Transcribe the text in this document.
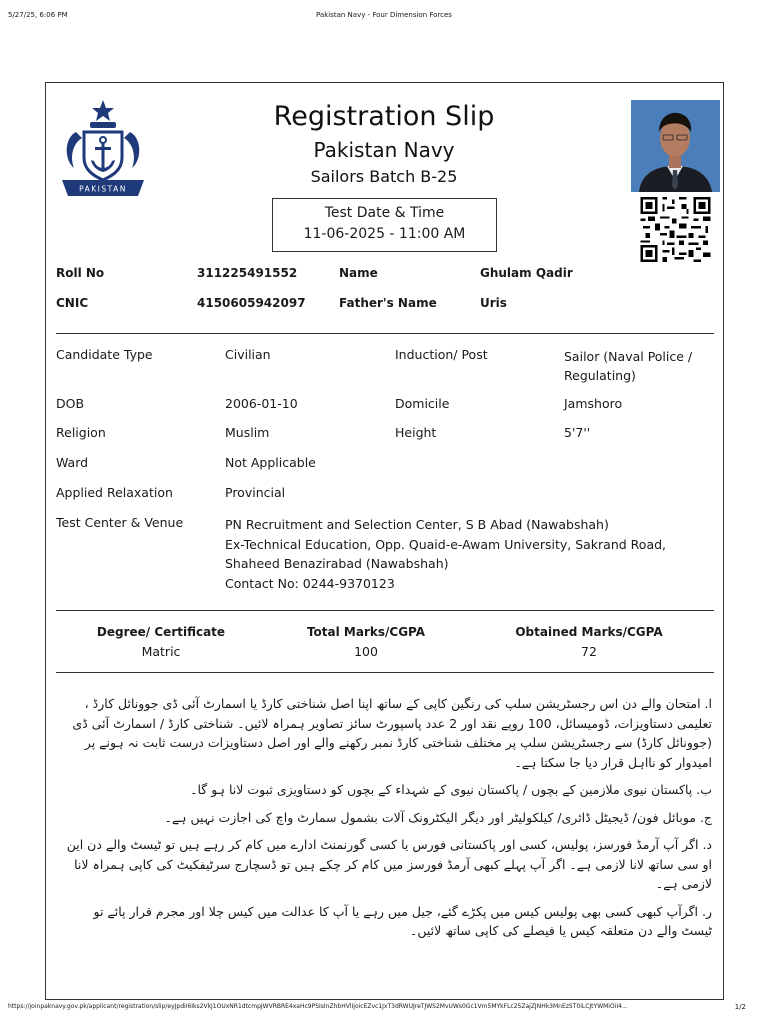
5/27/25, 6:06 PM	Pakistan Navy - Four Dimension Forces
https://joinpaknavy.gov.pk/applicant/registration/slip/eyJpdiI6Iks2VkJ1OUxNR1dtcmpJWVRBRE4xaHc9PSIsInZhbHVlIjoicEZvc1JxT3dRWUJreTJWS2MvUWs0Gc1Vm5MYkFLc25ZajZJNHk3MnEzST0iLCJtYWMiOiI4...	1/2
PAKISTAN
Registration Slip
Pakistan Navy
Sailors Batch B-25
Test Date & Time
11-06-2025 - 11:00 AM
Roll No	311225491552	Name	Ghulam Qadir
CNIC	4150605942097	Father's Name	Uris
Candidate Type	Civilian	Induction/ Post	Sailor (Naval Police / Regulating)
DOB	2006-01-10	Domicile	Jamshoro
Religion	Muslim	Height	5'7''
Ward	Not Applicable
Applied Relaxation	Provincial
Test Center & Venue	PN Recruitment and Selection Center, S B Abad (Nawabshah)
Ex-Technical Education, Opp. Quaid-e-Awam University, Sakrand Road, Shaheed Benazirabad (Nawabshah)
Contact No: 0244-9370123
Degree/ Certificate	Total Marks/CGPA	Obtained Marks/CGPA
Matric	100	72

ا. امتحان والے دن اس رجسٹریشن سلپ کی رنگین کاپی کے ساتھ اپنا اصل شناختی کارڈ یا اسمارٹ آئی ڈی جوونائل کارڈ ، تعلیمی دستاویزات، ڈومیسائل، 100 روپے نقد اور 2 عدد پاسپورٹ سائز تصاویر ہمراہ لائیں۔ شناختی کارڈ / اسمارٹ آئی ڈی (جوونائل کارڈ) سے رجسٹریشن سلپ پر مختلف شناختی کارڈ نمبر رکھنے والے اور اصل دستاویزات درست ثابت نہ ہونے پر امیدوار کو نااہل قرار دیا جا سکتا ہے۔

ب. پاکستان نیوی ملازمین کے بچوں / پاکستان نیوی کے شہداء کے بچوں کو دستاویزی ثبوت لانا ہو گا۔

ج. موبائل فون/ ڈیجیٹل ڈائری/ کیلکولیٹر اور دیگر الیکٹرونک آلات بشمول سمارٹ واچ کی اجازت نہیں ہے۔

د. اگر آپ آرمڈ فورسز، پولیس، کسی اور پاکستانی فورس یا کسی گورنمنٹ ادارے میں کام کر رہے ہیں تو ٹیسٹ والے دن این او سی ساتھ لانا لازمی ہے۔ اگر آپ پہلے کبھی آرمڈ فورسز میں کام کر چکے ہیں تو ڈسچارج سرٹیفکیٹ کی کاپی ہمراہ لانا لازمی ہے۔

ر. اگرآپ کبھی کسی بھی پولیس کیس میں پکڑے گئے، جیل میں رہے یا آپ کا عدالت میں کیس چلا اور مجرم قرار پائے تو ٹیسٹ والے دن متعلقہ کیس یا فیصلے کی کاپی ساتھ لائیں۔
